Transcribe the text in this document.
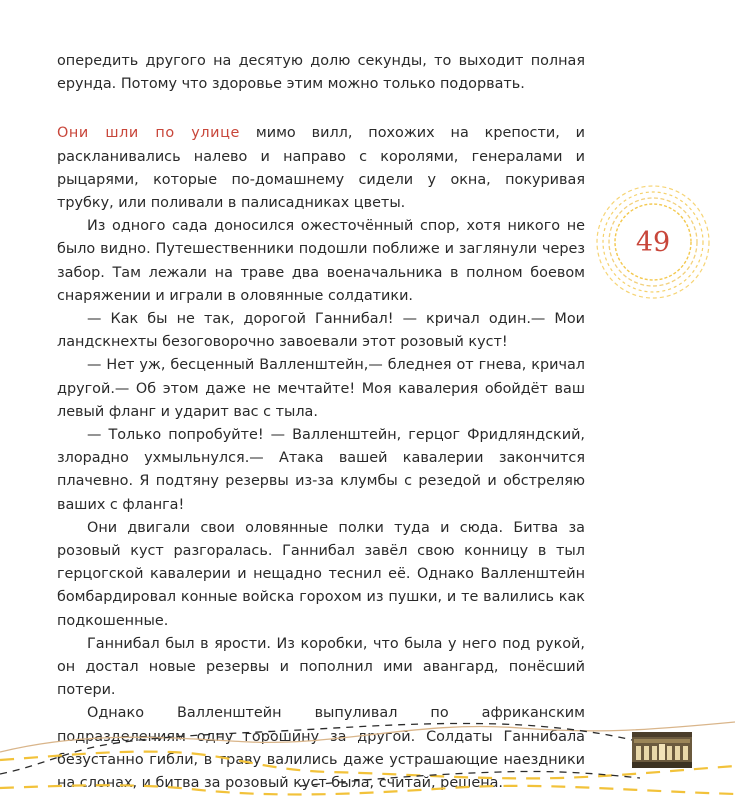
опередить другого на десятую долю секунды, то выходит полная ерунда. Потому что здоровье этим можно только подорвать.

Они шли по улице мимо вилл, похожих на крепости, и раскланивались налево и направо с королями, генералами и рыцарями, которые по-домашнему сидели у окна, покуривая трубку, или поливали в палисадниках цветы.

Из одного сада доносился ожесточённый спор, хотя никого не было видно. Путешественники подошли поближе и заглянули через забор. Там лежали на траве два военачальника в полном боевом снаряжении и играли в оловянные солдатики.

— Как бы не так, дорогой Ганнибал! — кричал один.— Мои ландскнехты безоговорочно завоевали этот розовый куст!

— Нет уж, бесценный Валленштейн,— бледнея от гнева, кричал другой.— Об этом даже не мечтайте! Моя кавалерия обойдёт ваш левый фланг и ударит вас с тыла.

— Только попробуйте! — Валленштейн, герцог Фридляндский, злорадно ухмыльнулся.— Атака вашей кавалерии закончится плачевно. Я подтяну резервы из-за клумбы с резедой и обстреляю ваших с фланга!

Они двигали свои оловянные полки туда и сюда. Битва за розовый куст разгоралась. Ганнибал завёл свою конницу в тыл герцогской кавалерии и нещадно теснил её. Однако Валленштейн бомбардировал конные войска горохом из пушки, и те валились как подкошенные.

Ганнибал был в ярости. Из коробки, что была у него под рукой, он достал новые резервы и пополнил ими авангард, понёсший потери.

Однако Валленштейн выпуливал по африканским подразделениям одну горошину за другой. Солдаты Ганнибала безустанно гибли, в траву валились даже устрашающие наездники на слонах, и битва за розовый куст была, считай, решена.

49
